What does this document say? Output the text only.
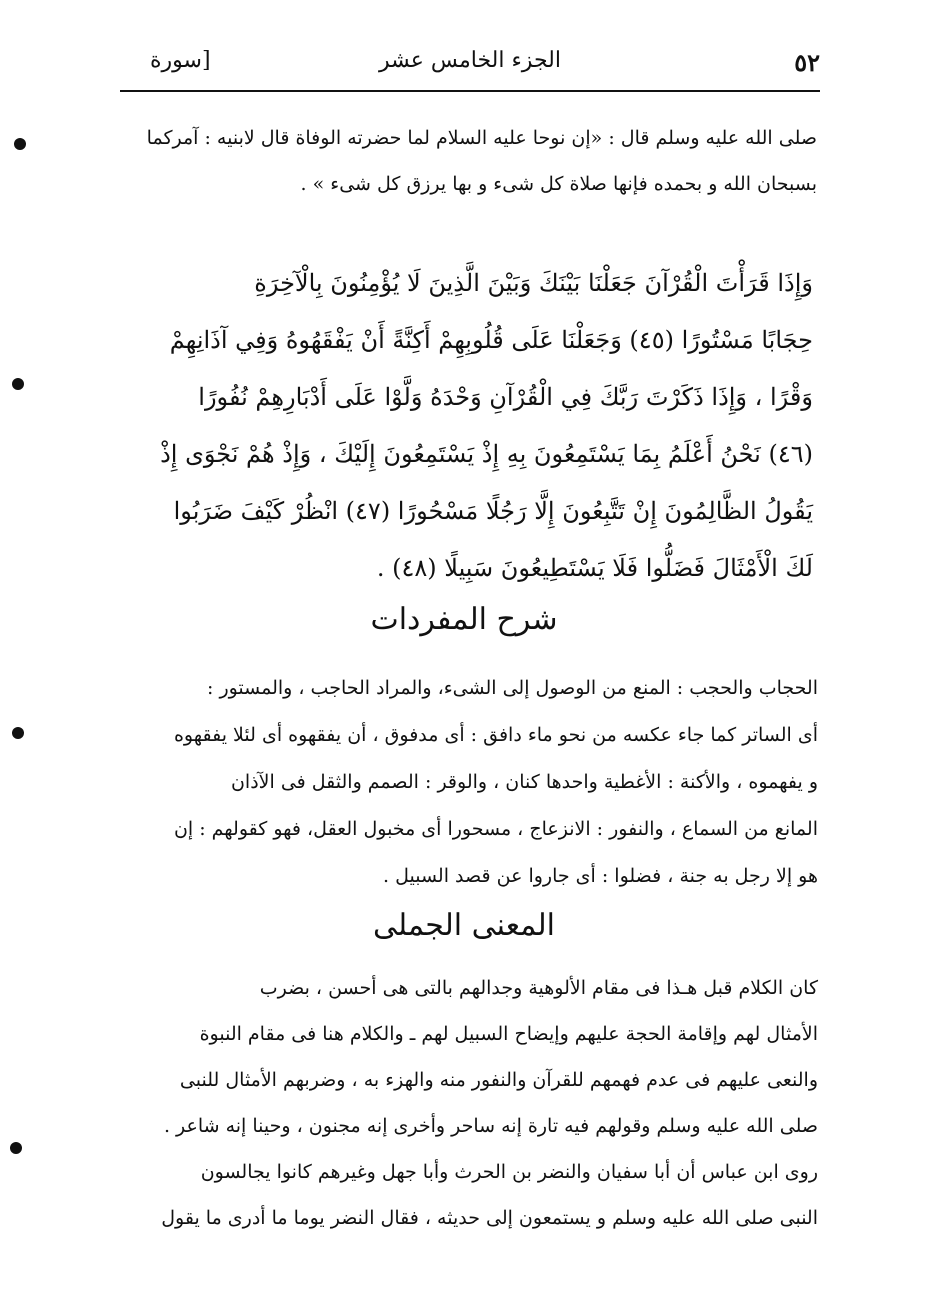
٥٢
الجزء الخامس عشر
سورة]
صلى الله عليه وسلم قال : «إن نوحا عليه السلام لما حضرته الوفاة قال لابنيه : آمركما
بسبحان الله و بحمده فإنها صلاة كل شىء و بها يرزق كل شىء » .
وَإِذَا قَرَأْتَ الْقُرْآنَ جَعَلْنَا بَيْنَكَ وَبَيْنَ الَّذِينَ لَا يُؤْمِنُونَ بِالْآخِرَةِ
حِجَابًا مَسْتُورًا (٤٥) وَجَعَلْنَا عَلَى قُلُوبِهِمْ أَكِنَّةً أَنْ يَفْقَهُوهُ وَفِي آذَانِهِمْ
وَقْرًا ، وَإِذَا ذَكَرْتَ رَبَّكَ فِي الْقُرْآنِ وَحْدَهُ وَلَّوْا عَلَى أَدْبَارِهِمْ نُفُورًا
(٤٦) نَحْنُ أَعْلَمُ بِمَا يَسْتَمِعُونَ بِهِ إِذْ يَسْتَمِعُونَ إِلَيْكَ ، وَإِذْ هُمْ نَجْوَى إِذْ
يَقُولُ الظَّالِمُونَ إِنْ تَتَّبِعُونَ إِلَّا رَجُلًا مَسْحُورًا (٤٧) انْظُرْ كَيْفَ ضَرَبُوا
لَكَ الْأَمْثَالَ فَضَلُّوا فَلَا يَسْتَطِيعُونَ سَبِيلًا (٤٨) .
شرح المفردات
الحجاب والحجب : المنع من الوصول إلى الشىء، والمراد الحاجب ، والمستور :
أى الساتر كما جاء عكسه من نحو ماء دافق : أى مدفوق ، أن يفقهوه أى لئلا يفقهوه
و يفهموه ، والأكنة : الأغطية واحدها كنان ، والوقر : الصمم والثقل فى الآذان
المانع من السماع ، والنفور : الانزعاج ، مسحورا أى مخبول العقل، فهو كقولهم : إن
هو إلا رجل به جنة ، فضلوا : أى جاروا عن قصد السبيل .
المعنى الجملى
كان الكلام قبل هـذا فى مقام الألوهية وجدالهم بالتى هى أحسن ، بضرب
الأمثال لهم وإقامة الحجة عليهم وإيضاح السبيل لهم ـ والكلام هنا فى مقام النبوة
والنعى عليهم فى عدم فهمهم للقرآن والنفور منه والهزء به ، وضربهم الأمثال للنبى
صلى الله عليه وسلم وقولهم فيه تارة إنه ساحر وأخرى إنه مجنون ، وحينا إنه شاعر .
روى ابن عباس أن أبا سفيان والنضر بن الحرث وأبا جهل وغيرهم كانوا يجالسون
النبى صلى الله عليه وسلم و يستمعون إلى حديثه ، فقال النضر يوما ما أدرى ما يقول
